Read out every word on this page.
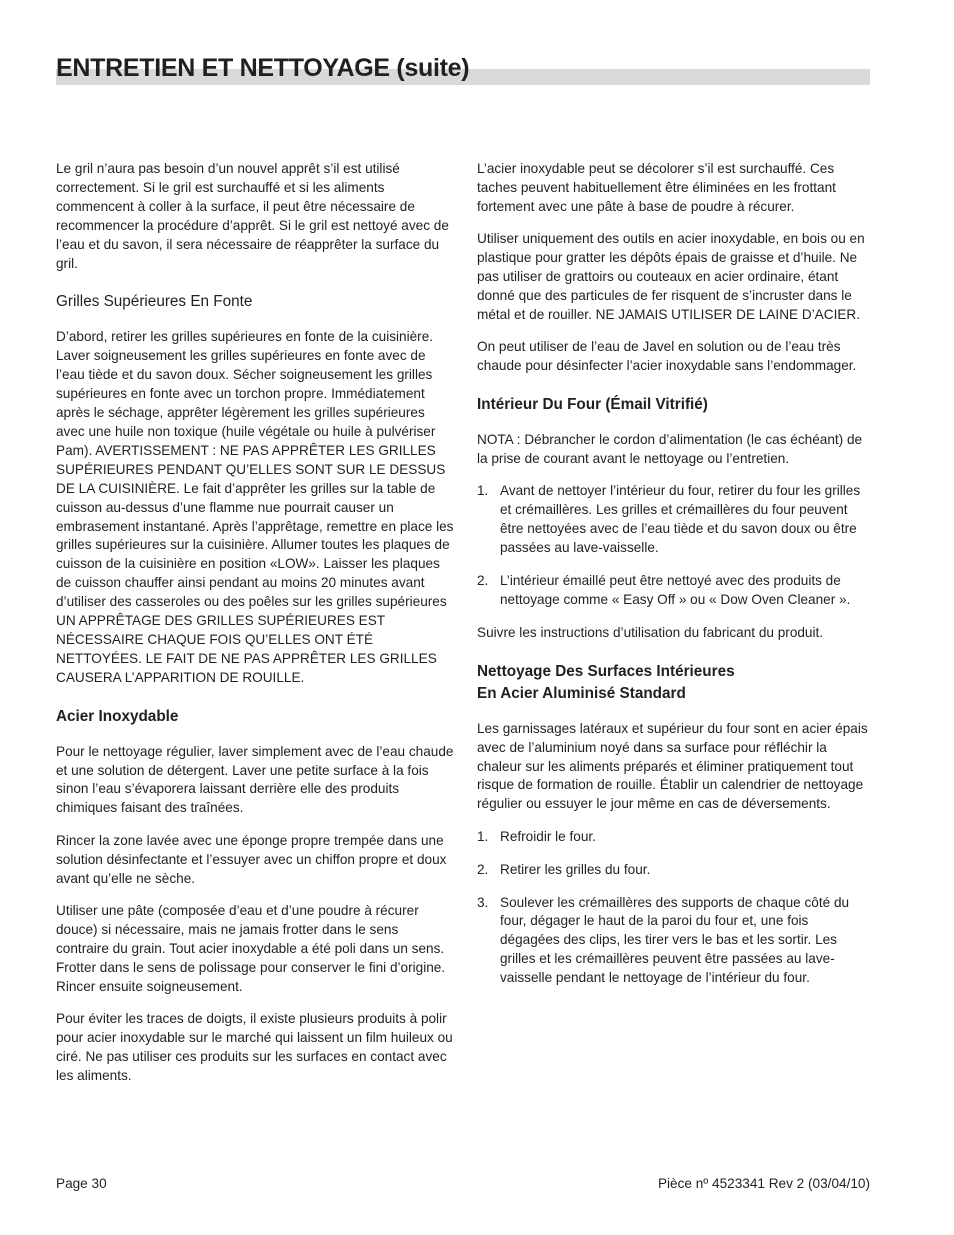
ENTRETIEN ET NETTOYAGE (suite)

Le gril n’aura pas besoin d’un nouvel apprêt s’il est utilisé correctement. Si le gril est surchauffé et si les aliments commencent à coller à la surface, il peut être nécessaire de recommencer la procédure d’apprêt. Si le gril est nettoyé avec de l’eau et du savon, il sera nécessaire de réapprêter la surface du gril.

Grilles Supérieures En Fonte

D’abord, retirer les grilles supérieures en fonte de la cuisinière. Laver soigneusement les grilles supérieures en fonte avec de l’eau tiède et du savon doux. Sécher soigneusement les grilles supérieures en fonte avec un torchon propre. Immédiatement après le séchage, apprêter légèrement les grilles supérieures avec une huile non toxique (huile végétale ou huile à pulvériser Pam). AVERTISSEMENT : NE PAS APPRÊTER LES GRILLES SUPÉRIEURES PENDANT QU’ELLES SONT SUR LE DESSUS DE LA CUISINIÈRE. Le fait d’apprêter les grilles sur la table de cuisson au-dessus d’une flamme nue pourrait causer un embrasement instantané. Après l’apprêtage, remettre en place les grilles supérieures sur la cuisinière. Allumer toutes les plaques de cuisson de la cuisinière en position «LOW». Laisser les plaques de cuisson chauffer ainsi pendant au moins 20 minutes avant d’utiliser des casseroles ou des poêles sur les grilles supérieures UN APPRÊTAGE DES GRILLES SUPÉRIEURES EST NÉCESSAIRE CHAQUE FOIS QU’ELLES ONT ÉTÉ NETTOYÉES. LE FAIT DE NE PAS APPRÊTER LES GRILLES CAUSERA L’APPARITION DE ROUILLE.

Acier Inoxydable

Pour le nettoyage régulier, laver simplement avec de l’eau chaude et une solution de détergent. Laver une petite surface à la fois sinon l’eau s’évaporera laissant derrière elle des produits chimiques faisant des traînées.

Rincer la zone lavée avec une éponge propre trempée dans une solution désinfectante et l’essuyer avec un chiffon propre et doux avant qu’elle ne sèche.

Utiliser une pâte (composée d’eau et d’une poudre à récurer douce) si nécessaire, mais ne jamais frotter dans le sens contraire du grain. Tout acier inoxydable a été poli dans un sens. Frotter dans le sens de polissage pour conserver le fini d’origine. Rincer ensuite soigneusement.

Pour éviter les traces de doigts, il existe plusieurs produits à polir pour acier inoxydable sur le marché qui laissent un film huileux ou ciré. Ne pas utiliser ces produits sur les surfaces en contact avec les aliments.

L’acier inoxydable peut se décolorer s’il est surchauffé. Ces taches peuvent habituellement être éliminées en les frottant fortement avec une pâte à base de poudre à récurer.

Utiliser uniquement des outils en acier inoxydable, en bois ou en plastique pour gratter les dépôts épais de graisse et d’huile. Ne pas utiliser de grattoirs ou couteaux en acier ordinaire, étant donné que des particules de fer risquent de s’incruster dans le métal et de rouiller. NE JAMAIS UTILISER DE LAINE D’ACIER.

On peut utiliser de l’eau de Javel en solution ou de l’eau très chaude pour désinfecter l’acier inoxydable sans l’endommager.

Intérieur Du Four (Émail Vitrifié)

NOTA : Débrancher le cordon d’alimentation (le cas échéant) de la prise de courant avant le nettoyage ou l’entretien.

1. Avant de nettoyer l’intérieur du four, retirer du four les grilles et crémaillères. Les grilles et crémaillères du four peuvent être nettoyées avec de l’eau tiède et du savon doux ou être passées au lave-vaisselle.
2. L’intérieur émaillé peut être nettoyé avec des produits de nettoyage comme « Easy Off » ou « Dow Oven Cleaner ».

Suivre les instructions d’utilisation du fabricant du produit.

Nettoyage Des Surfaces Intérieures
En Acier Aluminisé Standard

Les garnissages latéraux et supérieur du four sont en acier épais avec de l’aluminium noyé dans sa surface pour réfléchir la chaleur sur les aliments préparés et éliminer pratiquement tout risque de formation de rouille. Établir un calendrier de nettoyage régulier ou essuyer le jour même en cas de déversements.

1. Refroidir le four.
2. Retirer les grilles du four.
3. Soulever les crémaillères des supports de chaque côté du four, dégager le haut de la paroi du four et, une fois dégagées des clips, les tirer vers le bas et les sortir. Les grilles et les crémaillères peuvent être passées au lave-vaisselle pendant le nettoyage de l’intérieur du four.
Page 30	Pièce nº 4523341 Rev 2 (03/04/10)
